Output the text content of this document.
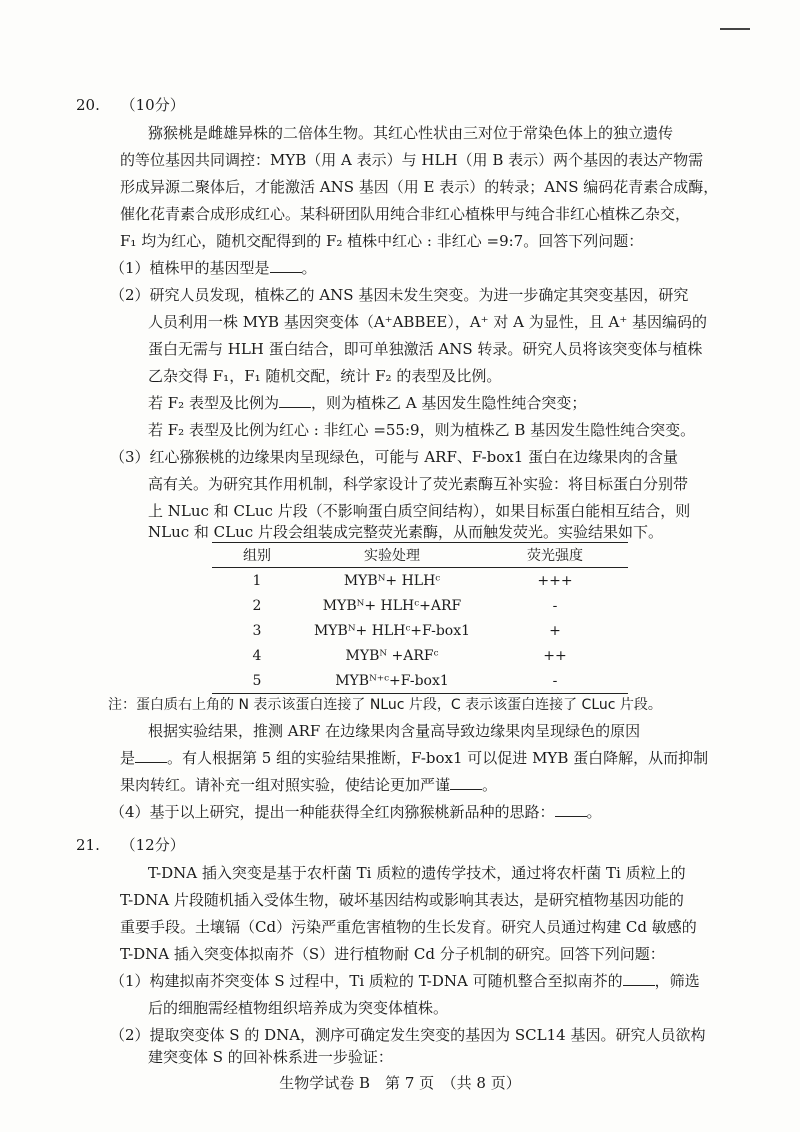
20. （10分）
猕猴桃是雌雄异株的二倍体生物。其红心性状由三对位于常染色体上的独立遗传
的等位基因共同调控：MYB（用 A 表示）与 HLH（用 B 表示）两个基因的表达产物需
形成异源二聚体后，才能激活 ANS 基因（用 E 表示）的转录；ANS 编码花青素合成酶，
催化花青素合成形成红心。某科研团队用纯合非红心植株甲与纯合非红心植株乙杂交，
F₁ 均为红心，随机交配得到的 F₂ 植株中红心 : 非红心 =9:7。回答下列问题：
（1）植株甲的基因型是 。
（2）研究人员发现，植株乙的 ANS 基因未发生突变。为进一步确定其突变基因，研究
人员利用一株 MYB 基因突变体（A⁺ABBEE），A⁺ 对 A 为显性，且 A⁺ 基因编码的
蛋白无需与 HLH 蛋白结合，即可单独激活 ANS 转录。研究人员将该突变体与植株
乙杂交得 F₁，F₁ 随机交配，统计 F₂ 的表型及比例。
若 F₂ 表型及比例为 ，则为植株乙 A 基因发生隐性纯合突变；
若 F₂ 表型及比例为红心 : 非红心 =55:9，则为植株乙 B 基因发生隐性纯合突变。
（3）红心猕猴桃的边缘果肉呈现绿色，可能与 ARF、F-box1 蛋白在边缘果肉的含量
高有关。为研究其作用机制，科学家设计了荧光素酶互补实验：将目标蛋白分别带
上 NLuc 和 CLuc 片段（不影响蛋白质空间结构），如果目标蛋白能相互结合，则
NLuc 和 CLuc 片段会组装成完整荧光素酶，从而触发荧光。实验结果如下。
组别	实验处理	荧光强度
1	MYBᴺ+ HLHᶜ	+++
2	MYBᴺ+ HLHᶜ+ARF	-
3	MYBᴺ+ HLHᶜ+F-box1	+
4	MYBᴺ +ARFᶜ	++
5	MYBᴺ⁺ᶜ+F-box1	-
注：蛋白质右上角的 N 表示该蛋白连接了 NLuc 片段，C 表示该蛋白连接了 CLuc 片段。
根据实验结果，推测 ARF 在边缘果肉含量高导致边缘果肉呈现绿色的原因
是 。有人根据第 5 组的实验结果推断，F-box1 可以促进 MYB 蛋白降解，从而抑制
果肉转红。请补充一组对照实验，使结论更加严谨 。
（4）基于以上研究，提出一种能获得全红肉猕猴桃新品种的思路： 。
21. （12分）
T-DNA 插入突变是基于农杆菌 Ti 质粒的遗传学技术，通过将农杆菌 Ti 质粒上的
T-DNA 片段随机插入受体生物，破坏基因结构或影响其表达，是研究植物基因功能的
重要手段。土壤镉（Cd）污染严重危害植物的生长发育。研究人员通过构建 Cd 敏感的
T-DNA 插入突变体拟南芥（S）进行植物耐 Cd 分子机制的研究。回答下列问题：
（1）构建拟南芥突变体 S 过程中，Ti 质粒的 T-DNA 可随机整合至拟南芥的 ，筛选
后的细胞需经植物组织培养成为突变体植株。
（2）提取突变体 S 的 DNA，测序可确定发生突变的基因为 SCL14 基因。研究人员欲构
建突变体 S 的回补株系进一步验证：
生物学试卷 B　第 7 页　（共 8 页）
